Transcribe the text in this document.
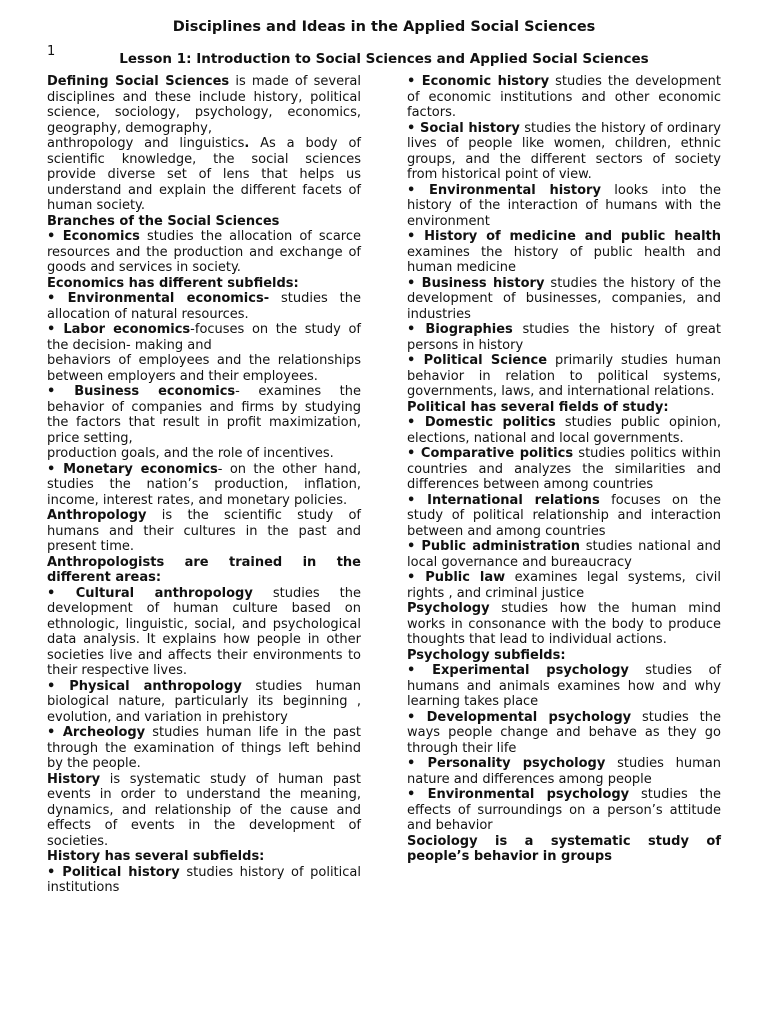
Disciplines and Ideas in the Applied Social Sciences
1	Lesson 1: Introduction to Social Sciences and Applied Social Sciences

Defining Social Sciences is made of several disciplines and these include history, political science, sociology, psychology, economics, geography, demography,

anthropology and linguistics. As a body of scientific knowledge, the social sciences provide diverse set of lens that helps us understand and explain the different facets of human society.

Branches of the Social Sciences

• Economics studies the allocation of scarce resources and the production and exchange of goods and services in society.

Economics has different subfields:

• Environmental economics- studies the allocation of natural resources.

• Labor economics-focuses on the study of the decision- making and

behaviors of employees and the relationships between employers and their employees.

• Business economics- examines the behavior of companies and firms by studying the factors that result in profit maximization, price setting,

production goals, and the role of incentives.

• Monetary economics- on the other hand, studies the nation’s production, inflation, income, interest rates, and monetary policies.

Anthropology is the scientific study of humans and their cultures in the past and present time.

Anthropologists are trained in the different areas:

• Cultural anthropology studies the development of human culture based on ethnologic, linguistic, social, and psychological data analysis. It explains how people in other societies live and affects their environments to their respective lives.

• Physical anthropology studies human biological nature, particularly its beginning , evolution, and variation in prehistory

• Archeology studies human life in the past through the examination of things left behind by the people.

History is systematic study of human past events in order to understand the meaning, dynamics, and relationship of the cause and effects of events in the development of societies.

History has several subfields:

• Political history studies history of political institutions

• Economic history studies the development of economic institutions and other economic factors.

• Social history studies the history of ordinary lives of people like women, children, ethnic groups, and the different sectors of society from historical point of view.

• Environmental history looks into the history of the interaction of humans with the environment

• History of medicine and public health examines the history of public health and human medicine

• Business history studies the history of the development of businesses, companies, and industries

• Biographies studies the history of great persons in history

• Political Science primarily studies human behavior in relation to political systems, governments, laws, and international relations.

Political has several fields of study:

• Domestic politics studies public opinion, elections, national and local governments.

• Comparative politics studies politics within countries and analyzes the similarities and differences between among countries

• International relations focuses on the study of political relationship and interaction between and among countries

• Public administration studies national and local governance and bureaucracy

• Public law examines legal systems, civil rights , and criminal justice

Psychology studies how the human mind works in consonance with the body to produce thoughts that lead to individual actions.

Psychology subfields:

• Experimental psychology studies of humans and animals examines how and why learning takes place

• Developmental psychology studies the ways people change and behave as they go through their life

• Personality psychology studies human nature and differences among people

• Environmental psychology studies the effects of surroundings on a person’s attitude and behavior

Sociology is a systematic study of people’s behavior in groups
